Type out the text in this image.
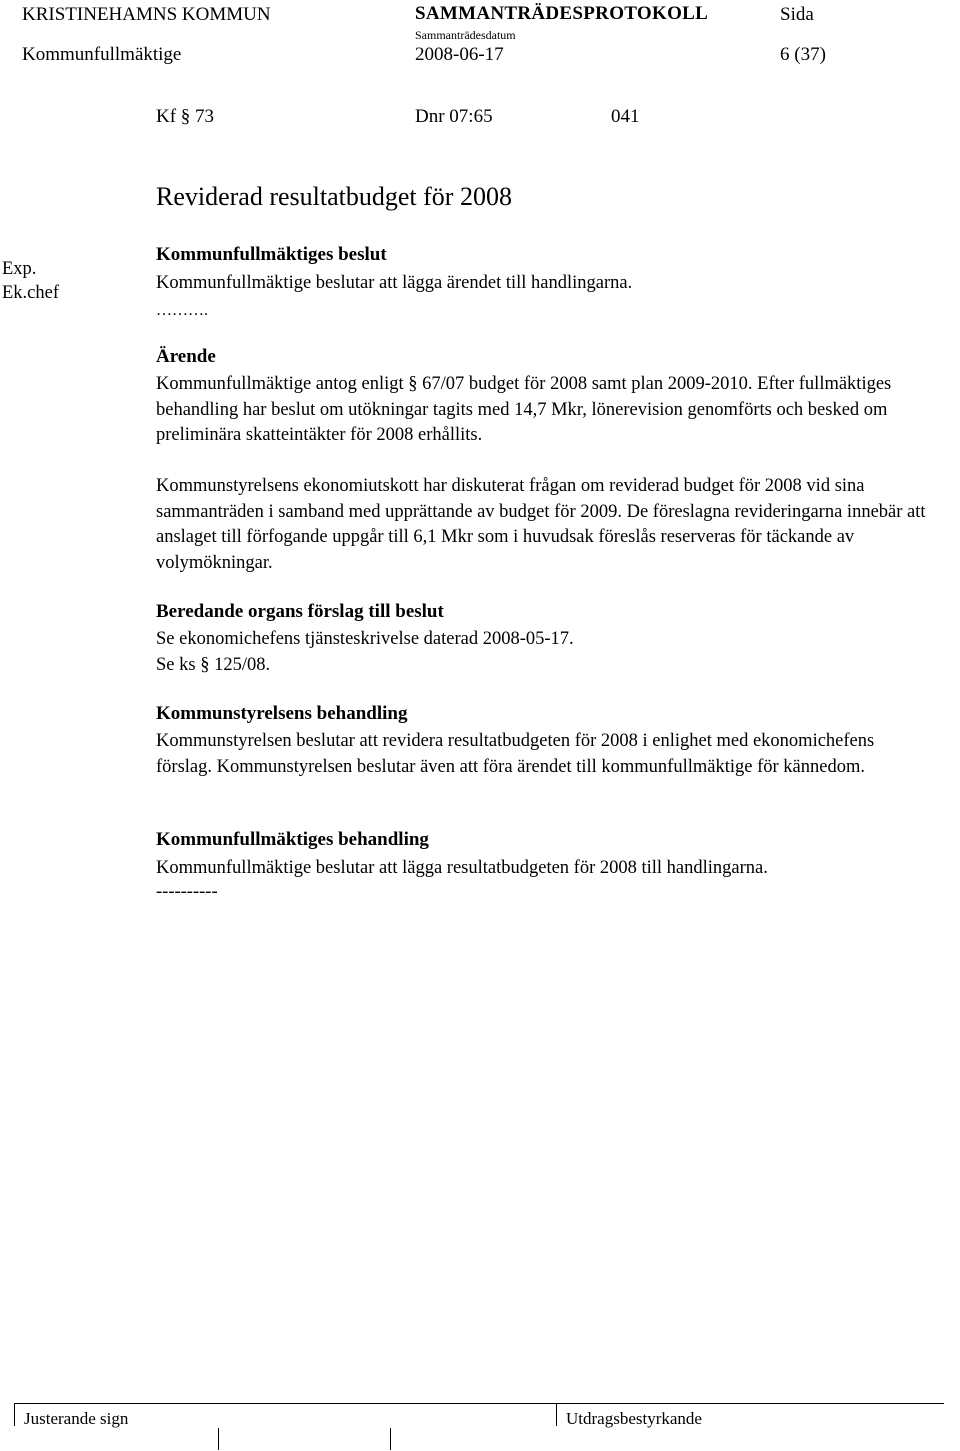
KRISTINEHAMNS KOMMUN	SAMMANTRÄDESPROTOKOLL	Sida
Sammanträdesdatum
Kommunfullmäktige	2008-06-17	6 (37)
Kf § 73	Dnr 07:65	041
Reviderad resultatbudget för 2008
Exp.
Ek.chef
Kommunfullmäktiges beslut
Kommunfullmäktige beslutar att lägga ärendet till handlingarna.
……….
Ärende

Kommunfullmäktige antog enligt § 67/07 budget för 2008 samt plan 2009-2010. Efter fullmäktiges behandling har beslut om utökningar tagits med 14,7 Mkr, lönerevision genomförts och besked om preliminära skatteintäkter för 2008 erhållits.

Kommunstyrelsens ekonomiutskott har diskuterat frågan om reviderad budget för 2008 vid sina sammanträden i samband med upprättande av budget för 2009. De föreslagna revideringarna innebär att anslaget till förfogande uppgår till 6,1 Mkr som i huvudsak föreslås reserveras för täckande av volymökningar.

Beredande organs förslag till beslut
Se ekonomichefens tjänsteskrivelse daterad 2008-05-17.
Se ks § 125/08.
Kommunstyrelsens behandling

Kommunstyrelsen beslutar att revidera resultatbudgeten för 2008 i enlighet med ekonomichefens förslag. Kommunstyrelsen beslutar även att föra ärendet till kommunfullmäktige för kännedom.

Kommunfullmäktiges behandling
Kommunfullmäktige beslutar att lägga resultatbudgeten för 2008 till handlingarna.
----------
Justerande sign	Utdragsbestyrkande
